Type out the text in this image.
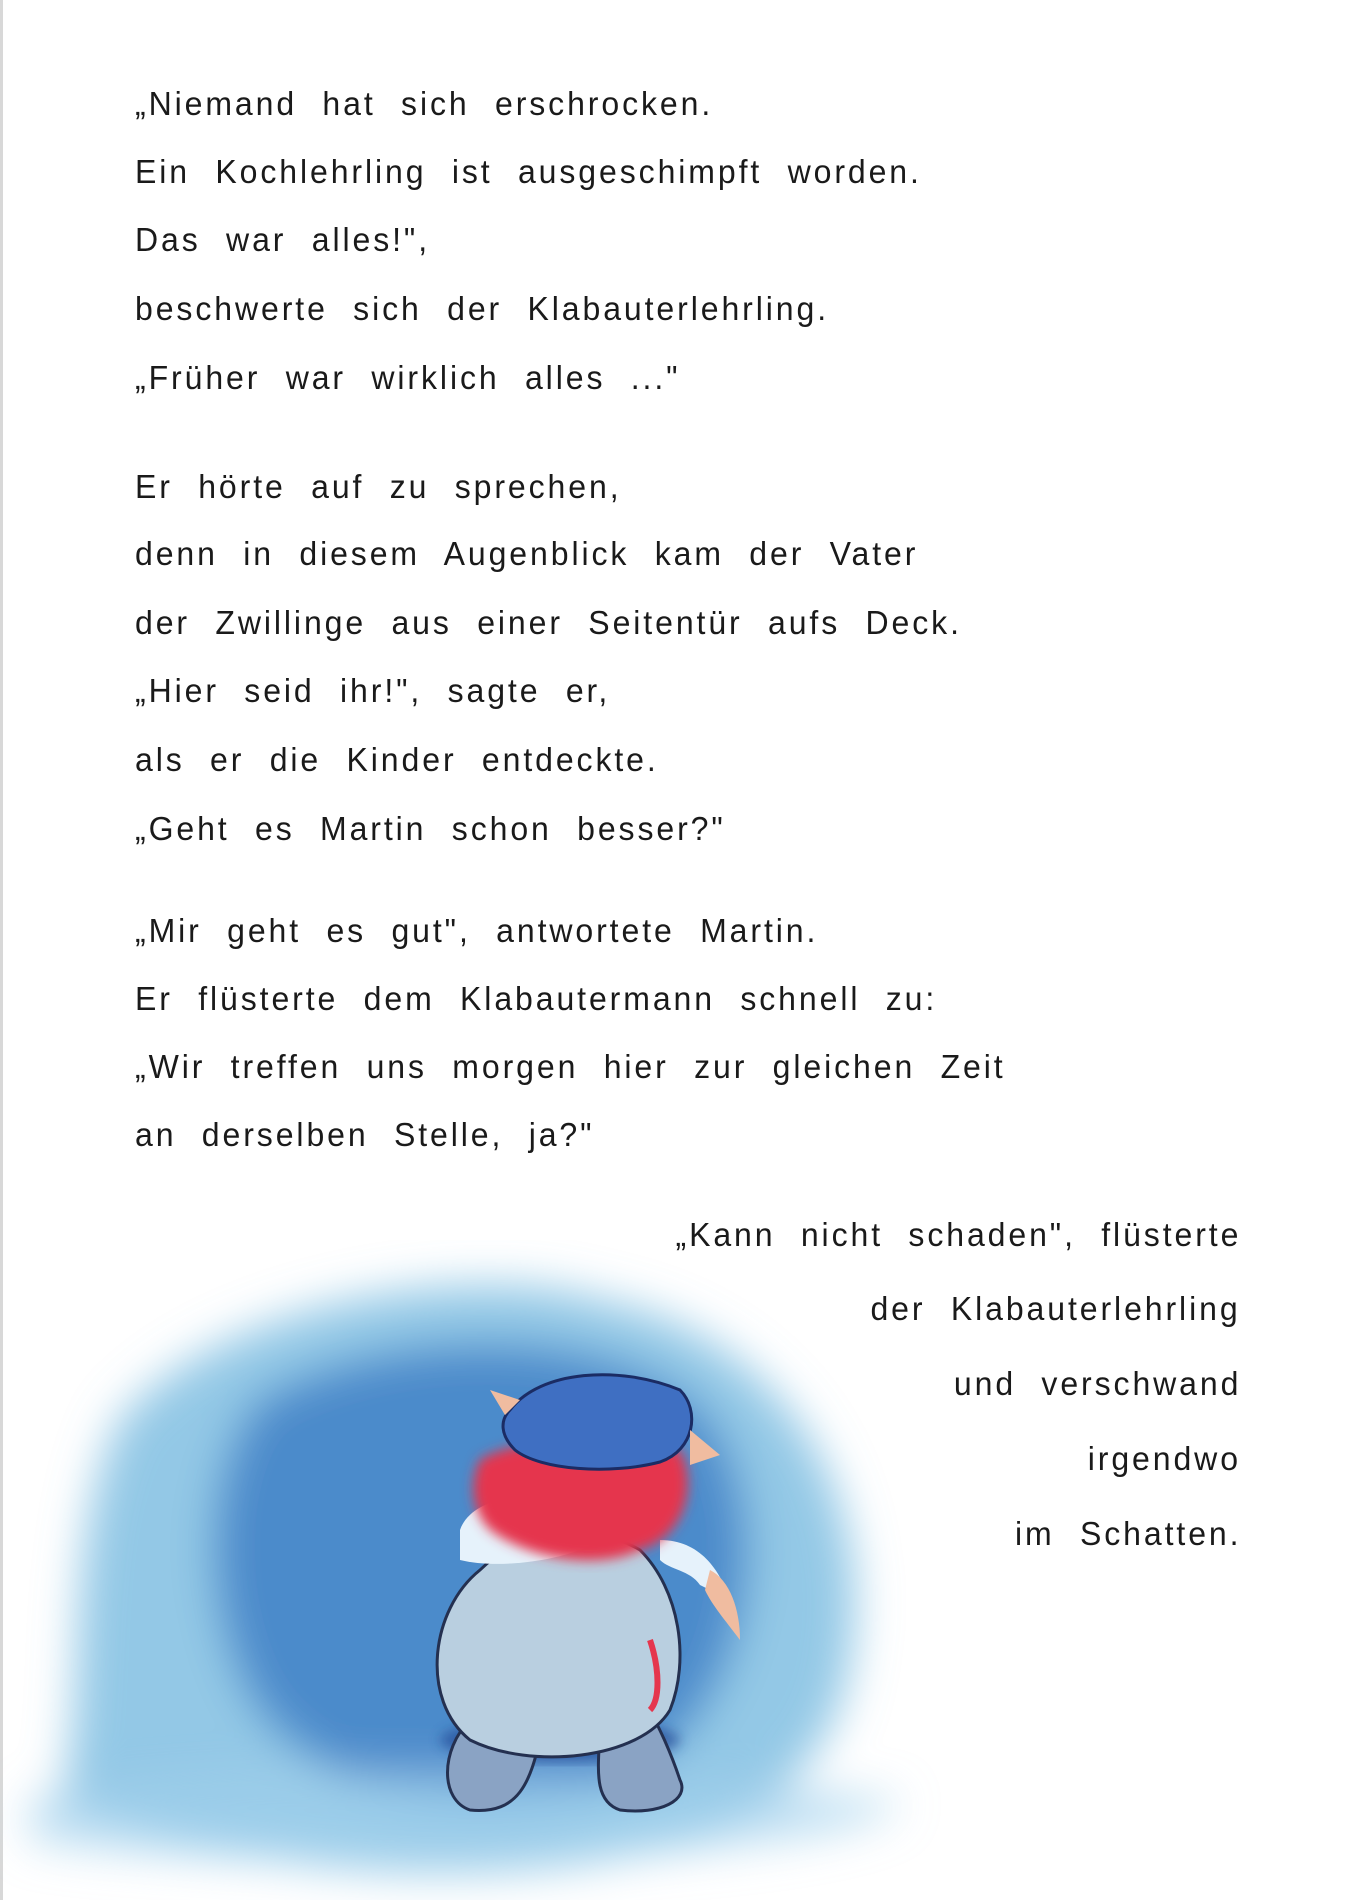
„Niemand hat sich erschrocken.
Ein Kochlehrling ist ausgeschimpft worden.
Das war alles!",
beschwerte sich der Klabauterlehrling.
„Früher war wirklich alles ..."
Er hörte auf zu sprechen,
denn in diesem Augenblick kam der Vater
der Zwillinge aus einer Seitentür aufs Deck.
„Hier seid ihr!", sagte er,
als er die Kinder entdeckte.
„Geht es Martin schon besser?"
„Mir geht es gut", antwortete Martin.
Er flüsterte dem Klabautermann schnell zu:
„Wir treffen uns morgen hier zur gleichen Zeit
an derselben Stelle, ja?"
„Kann nicht schaden", flüsterte
der Klabauterlehrling
und verschwand
irgendwo
im Schatten.
